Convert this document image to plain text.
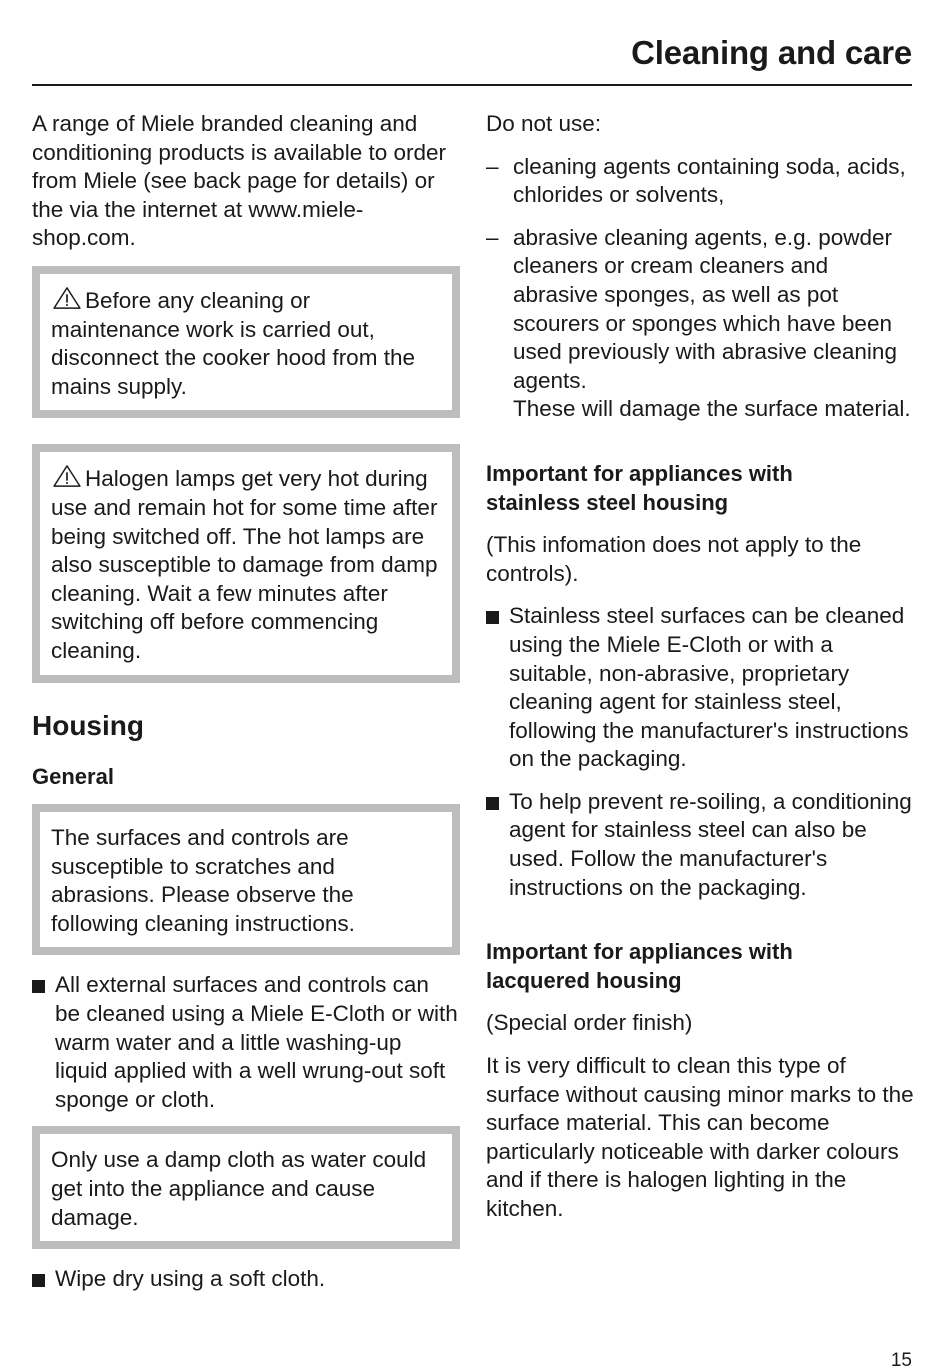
Cleaning and care

A range of Miele branded cleaning and conditioning products is available to order from Miele (see back page for details) or the via the internet at www.miele-shop.com.

Before any cleaning or maintenance work is carried out, disconnect the cooker hood from the mains supply.

Halogen lamps get very hot during use and remain hot for some time after being switched off. The hot lamps are also susceptible to damage from damp cleaning. Wait a few minutes after switching off before commencing cleaning.

Housing
General

The surfaces and controls are susceptible to scratches and abrasions. Please observe the following cleaning instructions.

All external surfaces and controls can be cleaned using a Miele E-Cloth or with warm water and a little washing-up liquid applied with a well wrung-out soft sponge or cloth.

Only use a damp cloth as water could get into the appliance and cause damage.

Wipe dry using a soft cloth.

Do not use:

– cleaning agents containing soda, acids, chlorides or solvents,

– abrasive cleaning agents, e.g. powder cleaners or cream cleaners and abrasive sponges, as well as pot scourers or sponges which have been used previously with abrasive cleaning agents.

These will damage the surface material.

Important for appliances with

stainless steel housing

(This infomation does not apply to the controls).

Stainless steel surfaces can be cleaned using the Miele E-Cloth or with a suitable, non-abrasive, proprietary cleaning agent for stainless steel, following the manufacturer's instructions on the packaging.

To help prevent re-soiling, a conditioning agent for stainless steel can also be used. Follow the manufacturer's instructions on the packaging.

Important for appliances with

lacquered housing

(Special order finish)

It is very difficult to clean this type of surface without causing minor marks to the surface material. This can become particularly noticeable with darker colours and if there is halogen lighting in the kitchen.

15
